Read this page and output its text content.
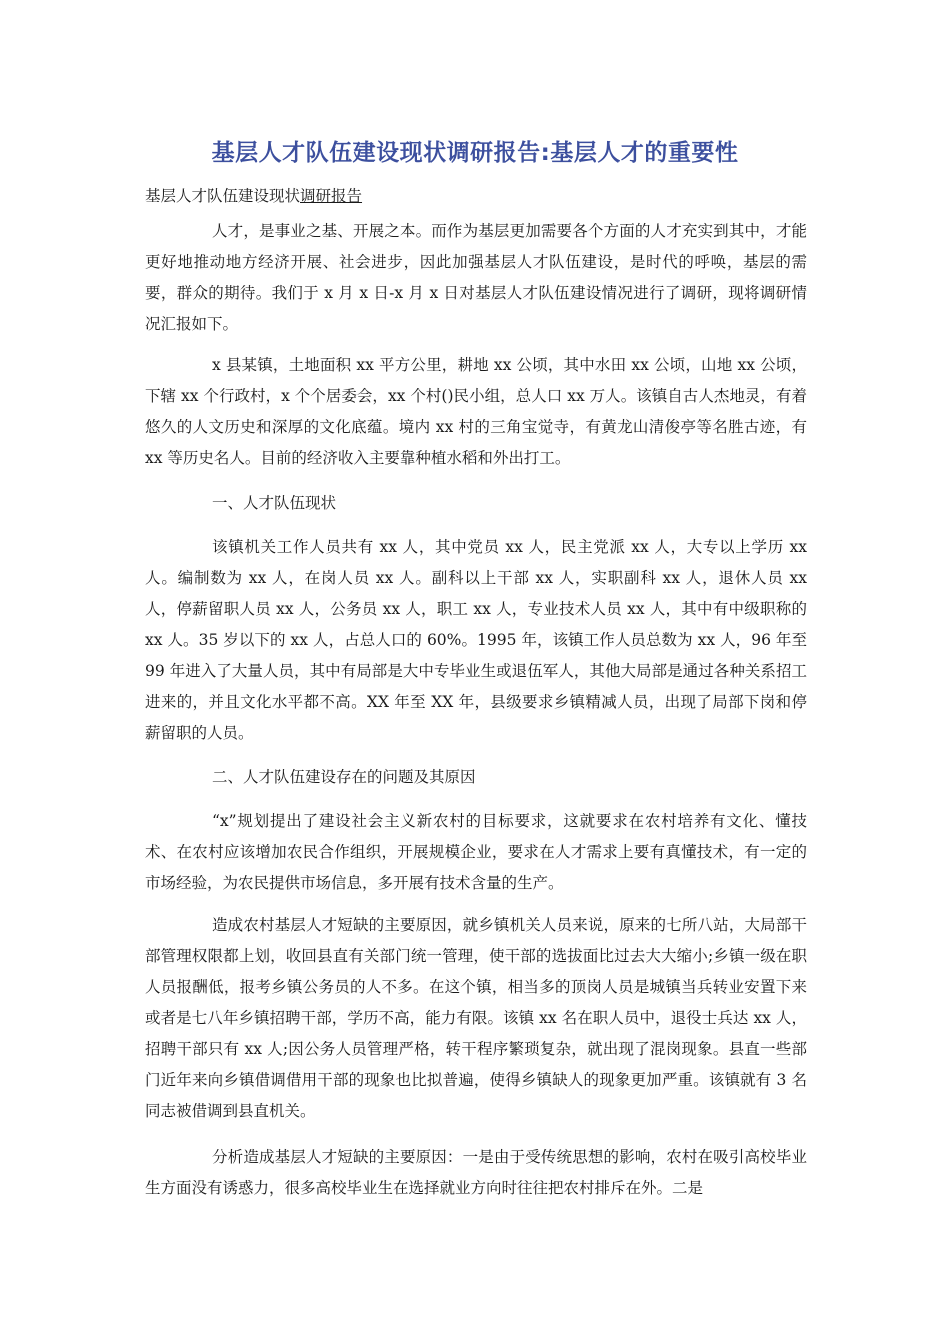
基层人才队伍建设现状调研报告:基层人才的重要性
基层人才队伍建设现状调研报告

人才，是事业之基、开展之本。而作为基层更加需要各个方面的人才充实到其中，才能更好地推动地方经济开展、社会进步，因此加强基层人才队伍建设，是时代的呼唤，基层的需要，群众的期待。我们于 x 月 x 日-x 月 x 日对基层人才队伍建设情况进行了调研，现将调研情况汇报如下。

x 县某镇，土地面积 xx 平方公里，耕地 xx 公顷，其中水田 xx 公顷，山地 xx 公顷，下辖 xx 个行政村，x 个个居委会，xx 个村()民小组，总人口 xx 万人。该镇自古人杰地灵，有着悠久的人文历史和深厚的文化底蕴。境内 xx 村的三角宝觉寺，有黄龙山清俊亭等名胜古迹，有 xx 等历史名人。目前的经济收入主要靠种植水稻和外出打工。

一、人才队伍现状

该镇机关工作人员共有 xx 人，其中党员 xx 人，民主党派 xx 人，大专以上学历 xx 人。编制数为 xx 人，在岗人员 xx 人。副科以上干部 xx 人，实职副科 xx 人，退休人员 xx 人，停薪留职人员 xx 人，公务员 xx 人，职工 xx 人，专业技术人员 xx 人，其中有中级职称的 xx 人。35 岁以下的 xx 人，占总人口的 60%。1995 年，该镇工作人员总数为 xx 人，96 年至 99 年进入了大量人员，其中有局部是大中专毕业生或退伍军人，其他大局部是通过各种关系招工进来的，并且文化水平都不高。XX 年至 XX 年，县级要求乡镇精减人员，出现了局部下岗和停薪留职的人员。

二、人才队伍建设存在的问题及其原因

“x”规划提出了建设社会主义新农村的目标要求，这就要求在农村培养有文化、懂技术、在农村应该增加农民合作组织，开展规模企业，要求在人才需求上要有真懂技术，有一定的市场经验，为农民提供市场信息，多开展有技术含量的生产。

造成农村基层人才短缺的主要原因，就乡镇机关人员来说，原来的七所八站，大局部干部管理权限都上划，收回县直有关部门统一管理，使干部的选拔面比过去大大缩小;乡镇一级在职人员报酬低，报考乡镇公务员的人不多。在这个镇，相当多的顶岗人员是城镇当兵转业安置下来或者是七八年乡镇招聘干部，学历不高，能力有限。该镇 xx 名在职人员中，退役士兵达 xx 人，招聘干部只有 xx 人;因公务人员管理严格，转干程序繁琐复杂，就出现了混岗现象。县直一些部门近年来向乡镇借调借用干部的现象也比拟普遍，使得乡镇缺人的现象更加严重。该镇就有 3 名同志被借调到县直机关。

分析造成基层人才短缺的主要原因：一是由于受传统思想的影响，农村在吸引高校毕业生方面没有诱惑力，很多高校毕业生在选择就业方向时往往把农村排斥在外。二是
